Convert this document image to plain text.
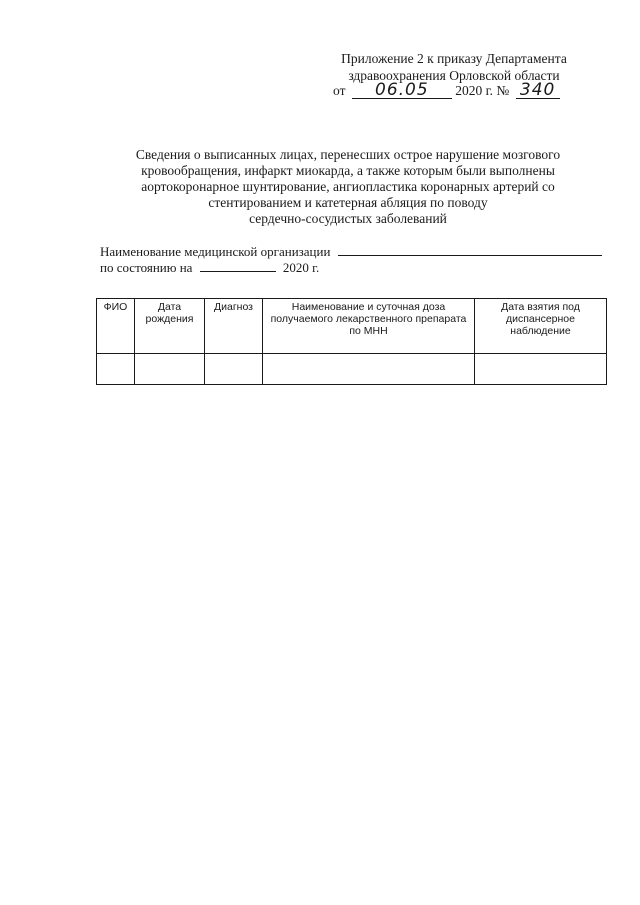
Приложение 2 к приказу Департамента
здравоохранения Орловской области
от 06.05 2020 г. № 340
Сведения о выписанных лицах, перенесших острое нарушение мозгового
кровообращения, инфаркт миокарда, а также которым были выполнены
аортокоронарное шунтирование, ангиопластика коронарных артерий со
стентированием и катетерная абляция по поводу
сердечно-сосудистых заболеваний
Наименование медицинской организации
по состоянию на	2020 г.
ФИО	Дата рождения	Диагноз	Наименование и суточная доза получаемого лекарственного препарата по МНН	Дата взятия под диспансерное наблюдение
